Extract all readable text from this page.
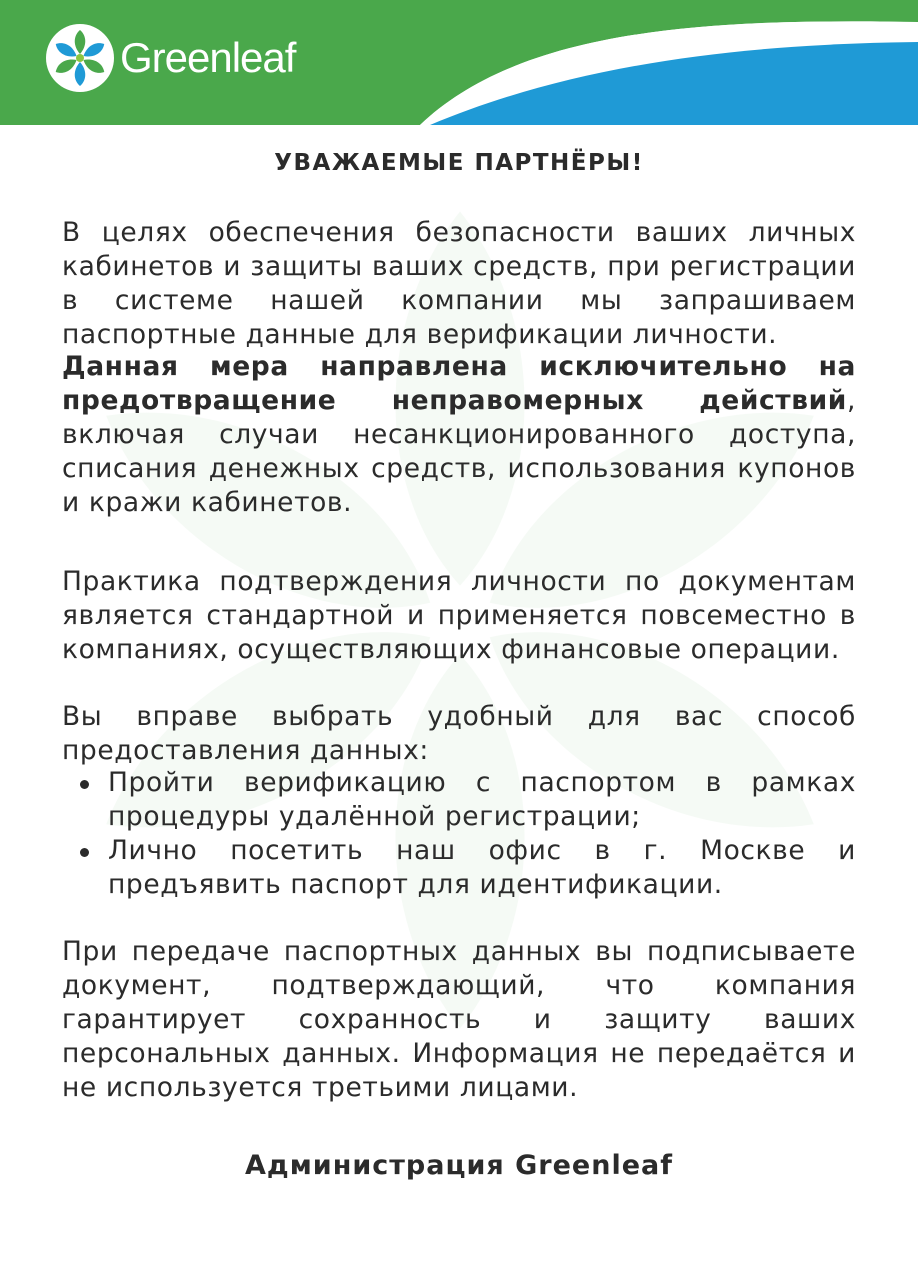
Greenleaf
УВАЖАЕМЫЕ ПАРТНЁРЫ!

В целях обеспечения безопасности ваших личных кабинетов и защиты ваших средств, при регистрации в системе нашей компании мы запрашиваем паспортные данные для верификации личности.

Данная мера направлена исключительно на предотвращение неправомерных действий, включая случаи несанкционированного доступа, списания денежных средств, использования купонов и кражи кабинетов.

Практика подтверждения личности по документам является стандартной и применяется повсеместно в компаниях, осуществляющих финансовые операции.

Вы вправе выбрать удобный для вас способ предоставления данных:

Пройти верификацию с паспортом в рамках процедуры удалённой регистрации;
Лично посетить наш офис в г. Москве и предъявить паспорт для идентификации.

При передаче паспортных данных вы подписываете документ, подтверждающий, что компания гарантирует сохранность и защиту ваших персональных данных. Информация не передаётся и не используется третьими лицами.

Администрация Greenleaf
